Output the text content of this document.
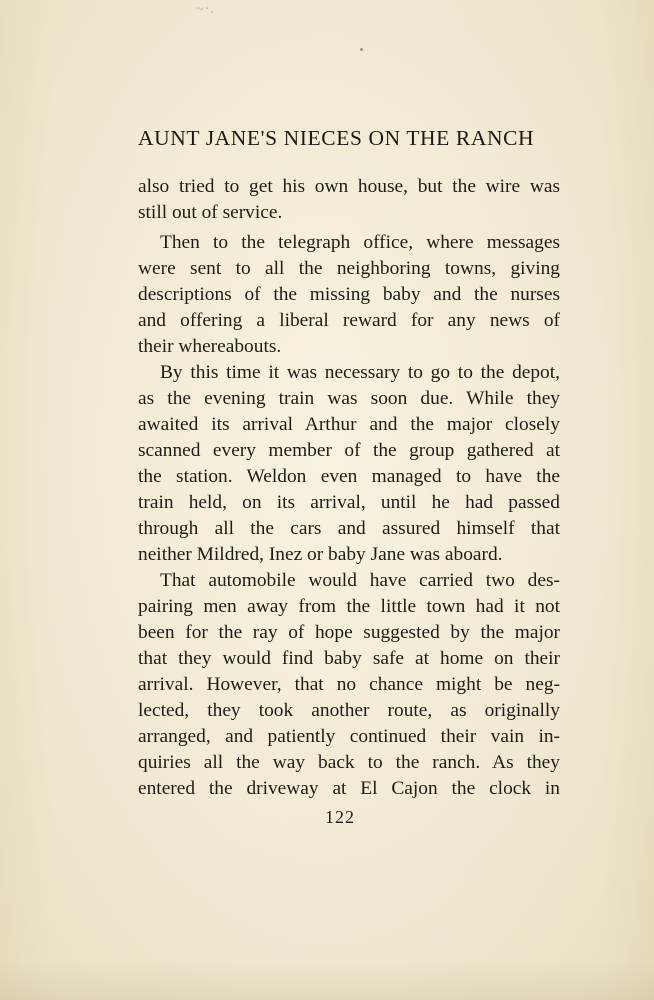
~·.
AUNT JANE'S NIECES ON THE RANCH
also tried to get his own house, but the wire was
still out of service.
Then to the telegraph office, where messages
were sent to all the neighboring towns, giving
descriptions of the missing baby and the nurses
and offering a liberal reward for any news of
their whereabouts.
By this time it was necessary to go to the depot,
as the evening train was soon due. While they
awaited its arrival Arthur and the major closely
scanned every member of the group gathered at
the station. Weldon even managed to have the
train held, on its arrival, until he had passed
through all the cars and assured himself that
neither Mildred, Inez or baby Jane was aboard.
That automobile would have carried two des-
pairing men away from the little town had it not
been for the ray of hope suggested by the major
that they would find baby safe at home on their
arrival. However, that no chance might be neg-
lected, they took another route, as originally
arranged, and patiently continued their vain in-
quiries all the way back to the ranch. As they
entered the driveway at El Cajon the clock in
122
